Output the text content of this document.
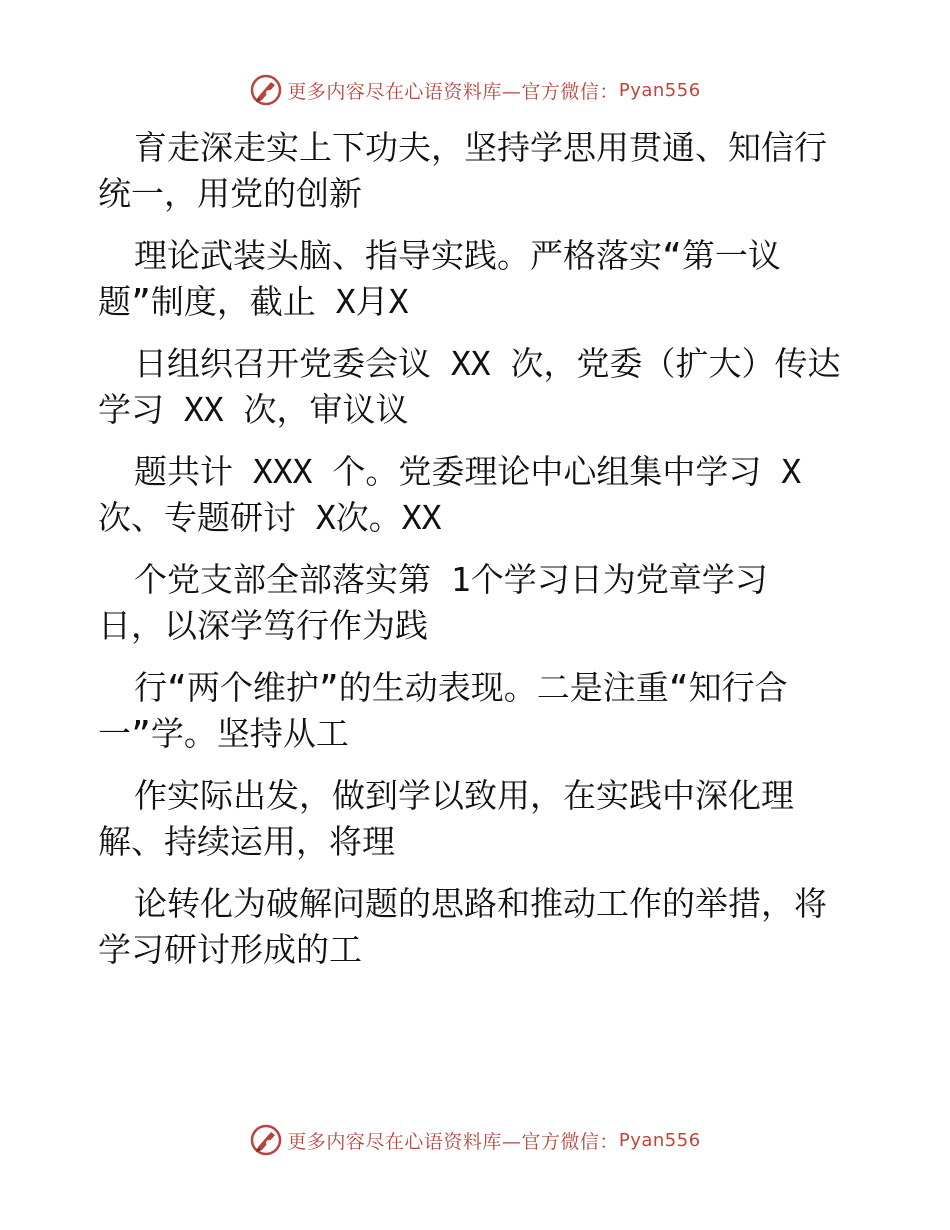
更多内容尽在心语资料库—官方微信： Pyan556

育走深走实上下功夫，坚持学思用贯通、知信行
统一，用党的创新

理论武装头脑、指导实践。严格落实“第一议
题”制度，截止 X月X

日组织召开党委会议 XX 次，党委（扩大）传达
学习 XX 次，审议议

题共计 XXX 个。党委理论中心组集中学习 X
次、专题研讨 X次。XX

个党支部全部落实第 1个学习日为党章学习
日，以深学笃行作为践

行“两个维护”的生动表现。二是注重“知行合
一”学。坚持从工

作实际出发，做到学以致用，在实践中深化理
解、持续运用，将理

论转化为破解问题的思路和推动工作的举措，将
学习研讨形成的工

更多内容尽在心语资料库—官方微信： Pyan556
